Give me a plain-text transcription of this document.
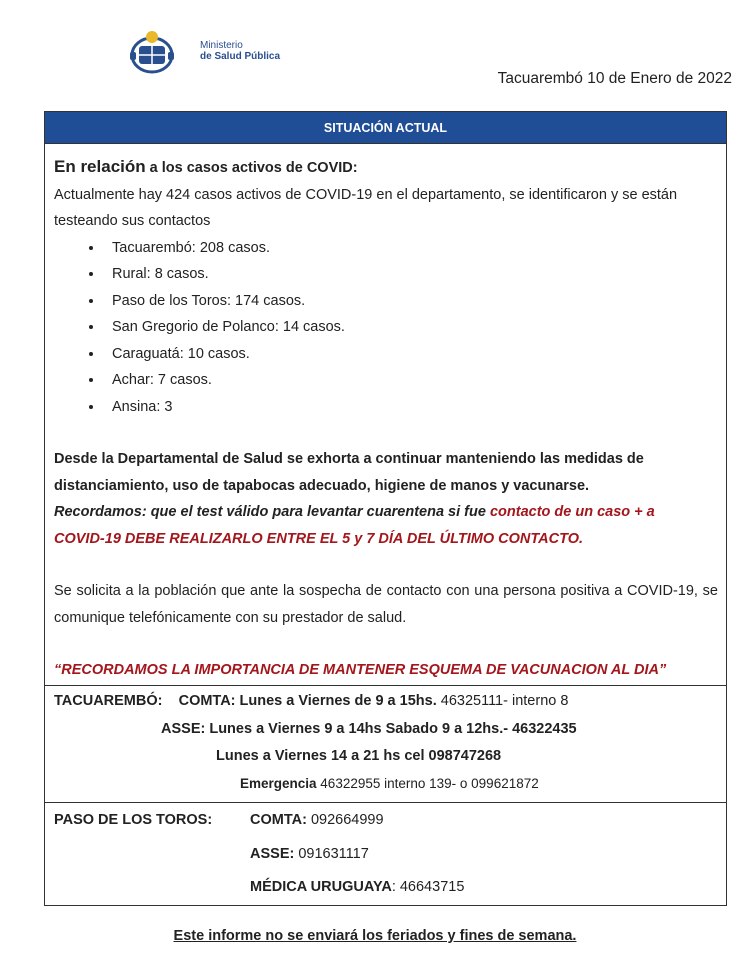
Ministerio
de Salud Pública
Tacuarembó 10 de Enero de 2022
SITUACIÓN ACTUAL

En relación a los casos activos de COVID:

Actualmente hay 424 casos activos de COVID-19 en el departamento, se identificaron y se están testeando sus contactos

• Tacuarembó: 208 casos.
• Rural: 8 casos.
• Paso de los Toros: 174 casos.
• San Gregorio de Polanco: 14 casos.
• Caraguatá: 10 casos.
• Achar: 7 casos.
• Ansina: 3

Desde la Departamental de Salud se exhorta a continuar manteniendo las medidas de distanciamiento, uso de tapabocas adecuado, higiene de manos y vacunarse.

Recordamos: que el test válido para levantar cuarentena si fue contacto de un caso + a COVID-19 DEBE REALIZARLO ENTRE EL 5 y 7 DÍA DEL ÚLTIMO CONTACTO.

Se solicita a la población que ante la sospecha de contacto con una persona positiva a COVID-19, se comunique telefónicamente con su prestador de salud.

“RECORDAMOS LA IMPORTANCIA DE MANTENER ESQUEMA DE VACUNACION AL DIA”

TACUAREMBÓ: COMTA: Lunes a Viernes de 9 a 15hs. 46325111- interno 8
ASSE: Lunes a Viernes 9 a 14hs Sabado 9 a 12hs.- 46322435
Lunes a Viernes 14 a 21 hs cel 098747268
Emergencia 46322955 interno 139- o 099621872
PASO DE LOS TOROS:	COMTA: 092664999
ASSE: 091631117
MÉDICA URUGUAYA: 46643715
Este informe no se enviará los feriados y fines de semana.
